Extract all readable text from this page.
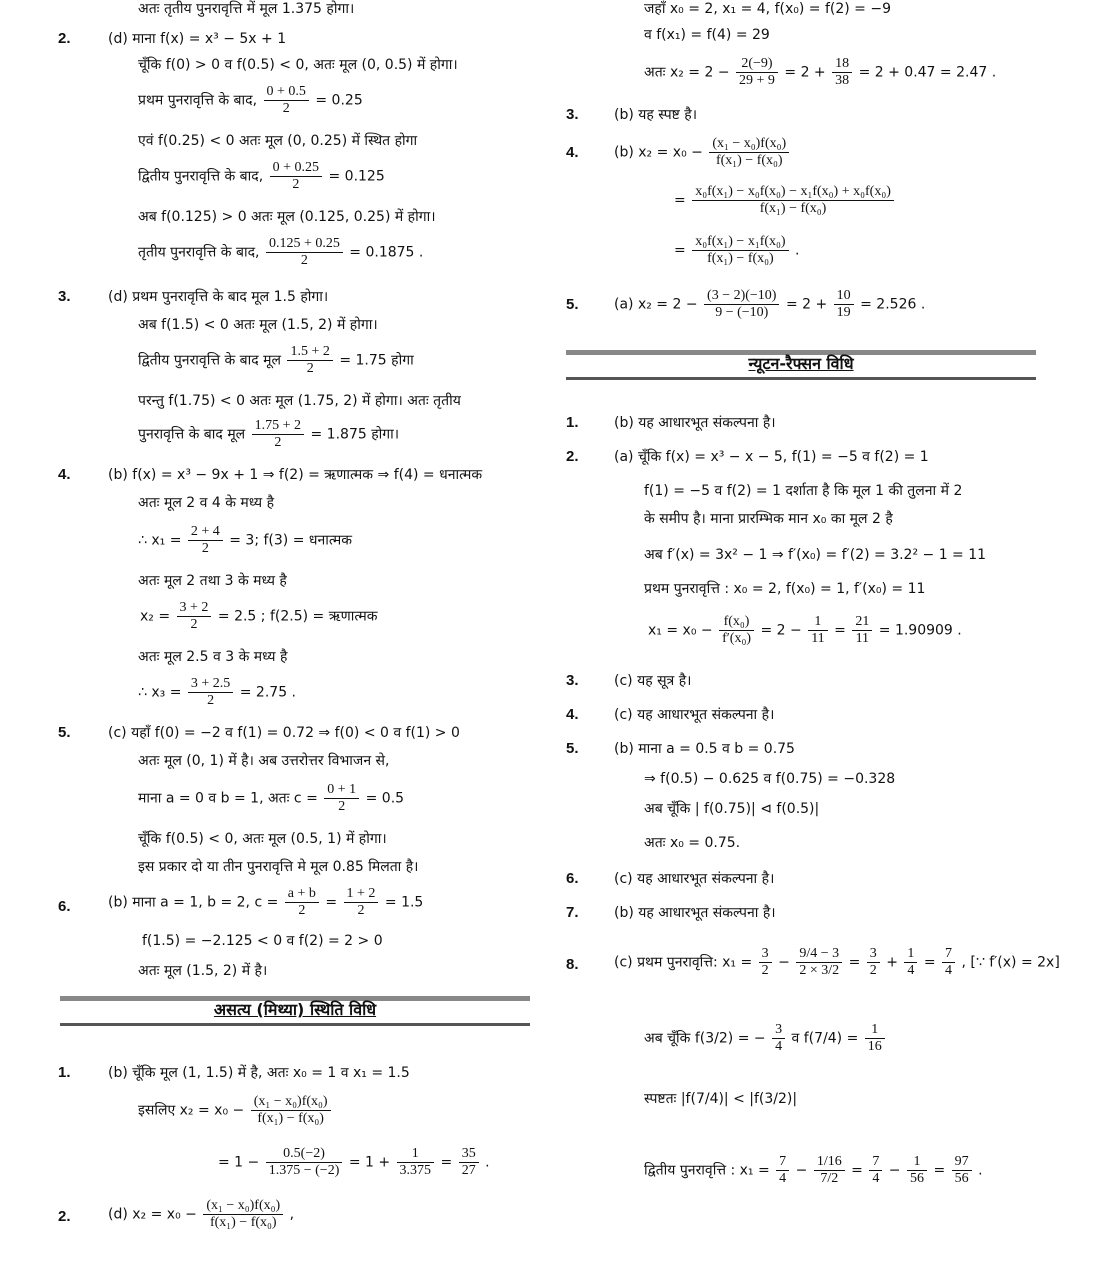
अतः तृतीय पुनरावृत्ति में मूल 1.375 होगा।
2.	(d) माना f(x) = x³ − 5x + 1
चूँकि f(0) > 0 व f(0.5) < 0, अतः मूल (0, 0.5) में होगा।
प्रथम पुनरावृत्ति के बाद, $\frac{0 + 0.5}{2} = 0.25$
एवं f(0.25) < 0 अतः मूल (0, 0.25) में स्थित होगा
द्वितीय पुनरावृत्ति के बाद, $\frac{0 + 0.25}{2} = 0.125$
अब f(0.125) > 0 अतः मूल (0.125, 0.25) में होगा।
तृतीय पुनरावृत्ति के बाद, $\frac{0.125 + 0.25}{2} = 0.1875$ .
3.	(d) प्रथम पुनरावृत्ति के बाद मूल 1.5 होगा।
अब f(1.5) < 0 अतः मूल (1.5, 2) में होगा।
द्वितीय पुनरावृत्ति के बाद मूल $\frac{1.5 + 2}{2} = 1.75$ होगा
परन्तु f(1.75) < 0 अतः मूल (1.75, 2) में होगा। अतः तृतीय
पुनरावृत्ति के बाद मूल $\frac{1.75 + 2}{2} = 1.875$ होगा।
4.	(b) f(x) = x³ − 9x + 1 ⇒ f(2) = ऋणात्मक ⇒ f(4) = धनात्मक
अतः मूल 2 व 4 के मध्य है
∴ $x_1 = \frac{2 + 4}{2} = 3$; f(3) = धनात्मक
अतः मूल 2 तथा 3 के मध्य है
$x_2 = \frac{3 + 2}{2} = 2.5$ ; f(2.5) = ऋणात्मक
अतः मूल 2.5 व 3 के मध्य है
∴ $x_3 = \frac{3 + 2.5}{2} = 2.75$ .
5.	(c) यहाँ f(0) = −2 व f(1) = 0.72 ⇒ f(0) < 0 व f(1) > 0
अतः मूल (0, 1) में है। अब उत्तरोत्तर विभाजन से,
माना a = 0 व b = 1, अतः $c = \frac{0 + 1}{2} = 0.5$
चूँकि f(0.5) < 0, अतः मूल (0.5, 1) में होगा।
इस प्रकार दो या तीन पुनरावृत्ति मे मूल 0.85 मिलता है।
6.	(b) माना a = 1, b = 2, $c = \frac{a + b}{2} = \frac{1 + 2}{2} = 1.5$
f(1.5) = −2.125 < 0 व f(2) = 2 > 0
अतः मूल (1.5, 2) में है।
असत्य (मिथ्या) स्थिति विधि
1.	(b) चूँकि मूल (1, 1.5) में है, अतः x₀ = 1 व x₁ = 1.5
इसलिए $x_2 = x_0 - \frac{\text{(x₁ − x₀)f(x₀)}}{\text{f(x₁) − f(x₀)}}$
= $1 - \frac{0.5(-2)}{1.375 - (-2)} = 1 + \frac{1}{3.375} = \frac{35}{27}$ .
2.	(d) $x_2 = x_0 - \frac{\text{(x₁ − x₀)f(x₀)}}{\text{f(x₁) − f(x₀)}}$ ,
जहाँ x₀ = 2, x₁ = 4, f(x₀) = f(2) = −9
व f(x₁) = f(4) = 29
अतः $x_2 = 2 - \frac{2(-9)}{29 + 9} = 2 + \frac{18}{38} = 2 + 0.47 = 2.47$ .
3.	(b) यह स्पष्ट है।
4.	(b) $x_2 = x_0 - \frac{\text{(x₁ − x₀)f(x₀)}}{\text{f(x₁) − f(x₀)}}$
= $\frac{\text{x₀f(x₁) − x₀f(x₀) − x₁f(x₀) + x₀f(x₀)}}{\text{f(x₁) − f(x₀)}}$
= $\frac{\text{x₀f(x₁) − x₁f(x₀)}}{\text{f(x₁) − f(x₀)}}$ .
5.	(a) $x_2 = 2 - \frac{(3 - 2)(-10)}{9 - (-10)} = 2 + \frac{10}{19} = 2.526$ .
न्यूटन-रैफ्सन विधि
1.	(b) यह आधारभूत संकल्पना है।
2.	(a) चूँकि f(x) = x³ − x − 5, f(1) = −5 व f(2) = 1
f(1) = −5 व f(2) = 1 दर्शाता है कि मूल 1 की तुलना में 2
के समीप है। माना प्रारम्भिक मान x₀ का मूल 2 है
अब f′(x) = 3x² − 1 ⇒ f′(x₀) = f′(2) = 3.2² − 1 = 11
प्रथम पुनरावृत्ति : x₀ = 2, f(x₀) = 1, f′(x₀) = 11
$x_1 = x_0 - \frac{\text{f(x₀)}}{\text{f′(x₀)}} = 2 - \frac{1}{11} = \frac{21}{11} = 1.90909$ .
3.	(c) यह सूत्र है।
4.	(c) यह आधारभूत संकल्पना है।
5.	(b) माना a = 0.5 व b = 0.75
⇒ f(0.5) − 0.625 व f(0.75) = −0.328
अब चूँकि | f(0.75)| ⊲ f(0.5)|
अतः x₀ = 0.75.
6.	(c) यह आधारभूत संकल्पना है।
7.	(b) यह आधारभूत संकल्पना है।
8.	(c) प्रथम पुनरावृत्ति: $x_1 = \frac{3}{2} - \frac{9/4 - 3}{2 \times 3/2} = \frac{3}{2} + \frac{1}{4} = \frac{7}{4}$ , [∵ f′(x) = 2x]
अब चूँकि f(3/2) = − $\frac{3}{4}$ व $f(7/4) = \frac{1}{16}$
स्पष्टतः |f(7/4)| < |f(3/2)|
द्वितीय पुनरावृत्ति : $x_1 = \frac{7}{4} - \frac{1/16}{7/2} = \frac{7}{4} - \frac{1}{56} = \frac{97}{56}$ .
